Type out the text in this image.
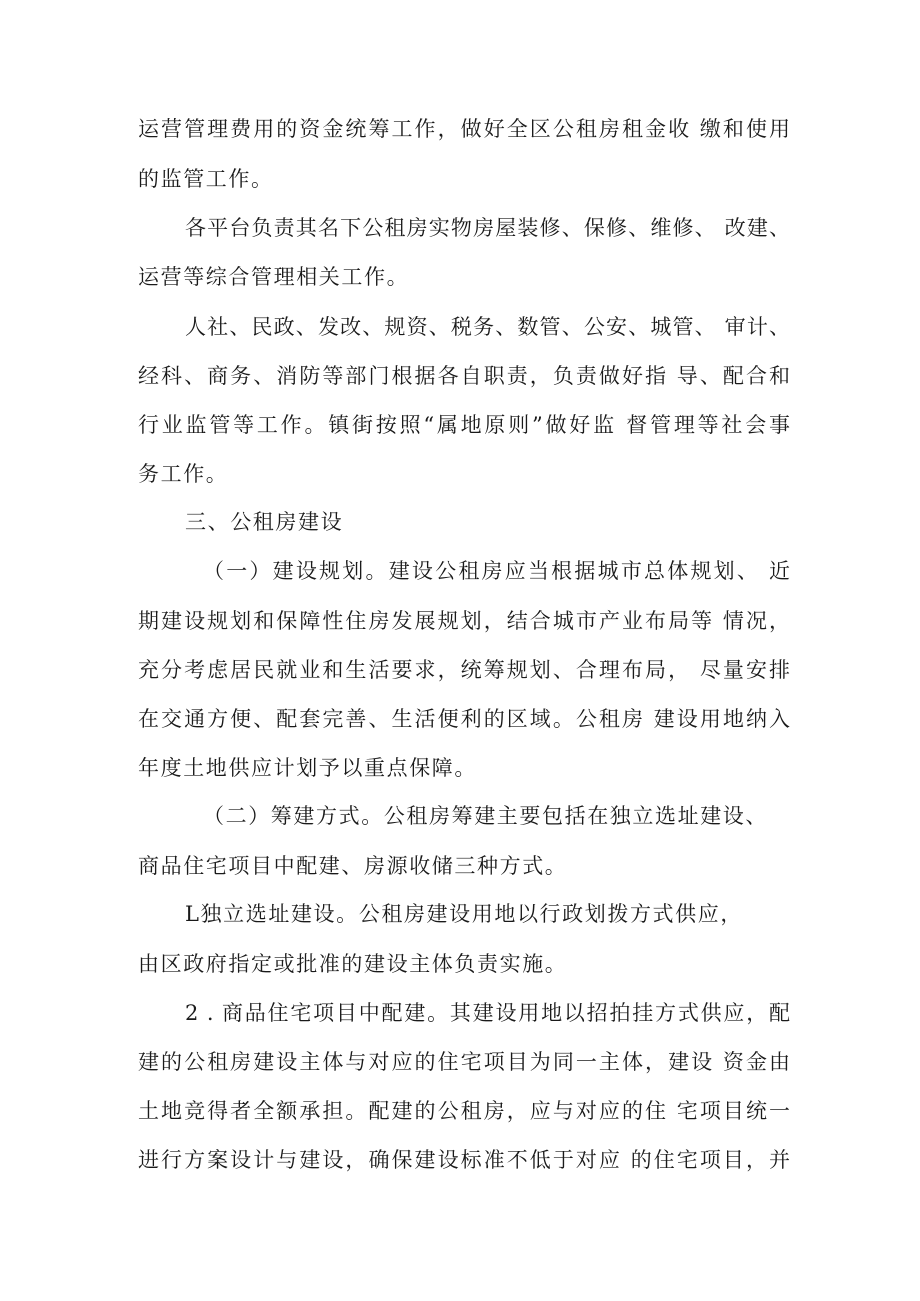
运营管理费用的资金统筹工作，做好全区公租房租金收 缴和使用

的监管工作。

各平台负责其名下公租房实物房屋装修、保修、维修、 改建、

运营等综合管理相关工作。

人社、民政、发改、规资、税务、数管、公安、城管、 审计、

经科、商务、消防等部门根据各自职责，负责做好指 导、配合和

行业监管等工作。镇街按照“属地原则”做好监 督管理等社会事

务工作。

三、公租房建设

（一）建设规划。建设公租房应当根据城市总体规划、 近

期建设规划和保障性住房发展规划，结合城市产业布局等 情况，

充分考虑居民就业和生活要求，统筹规划、合理布局， 尽量安排

在交通方便、配套完善、生活便利的区域。公租房 建设用地纳入

年度土地供应计划予以重点保障。

（二）筹建方式。公租房筹建主要包括在独立选址建设、

商品住宅项目中配建、房源收储三种方式。

L独立选址建设。公租房建设用地以行政划拨方式供应，

由区政府指定或批准的建设主体负责实施。

2 . 商品住宅项目中配建。其建设用地以招拍挂方式供应，配

建的公租房建设主体与对应的住宅项目为同一主体，建设 资金由

土地竞得者全额承担。配建的公租房，应与对应的住 宅项目统一

进行方案设计与建设，确保建设标准不低于对应 的住宅项目，并
